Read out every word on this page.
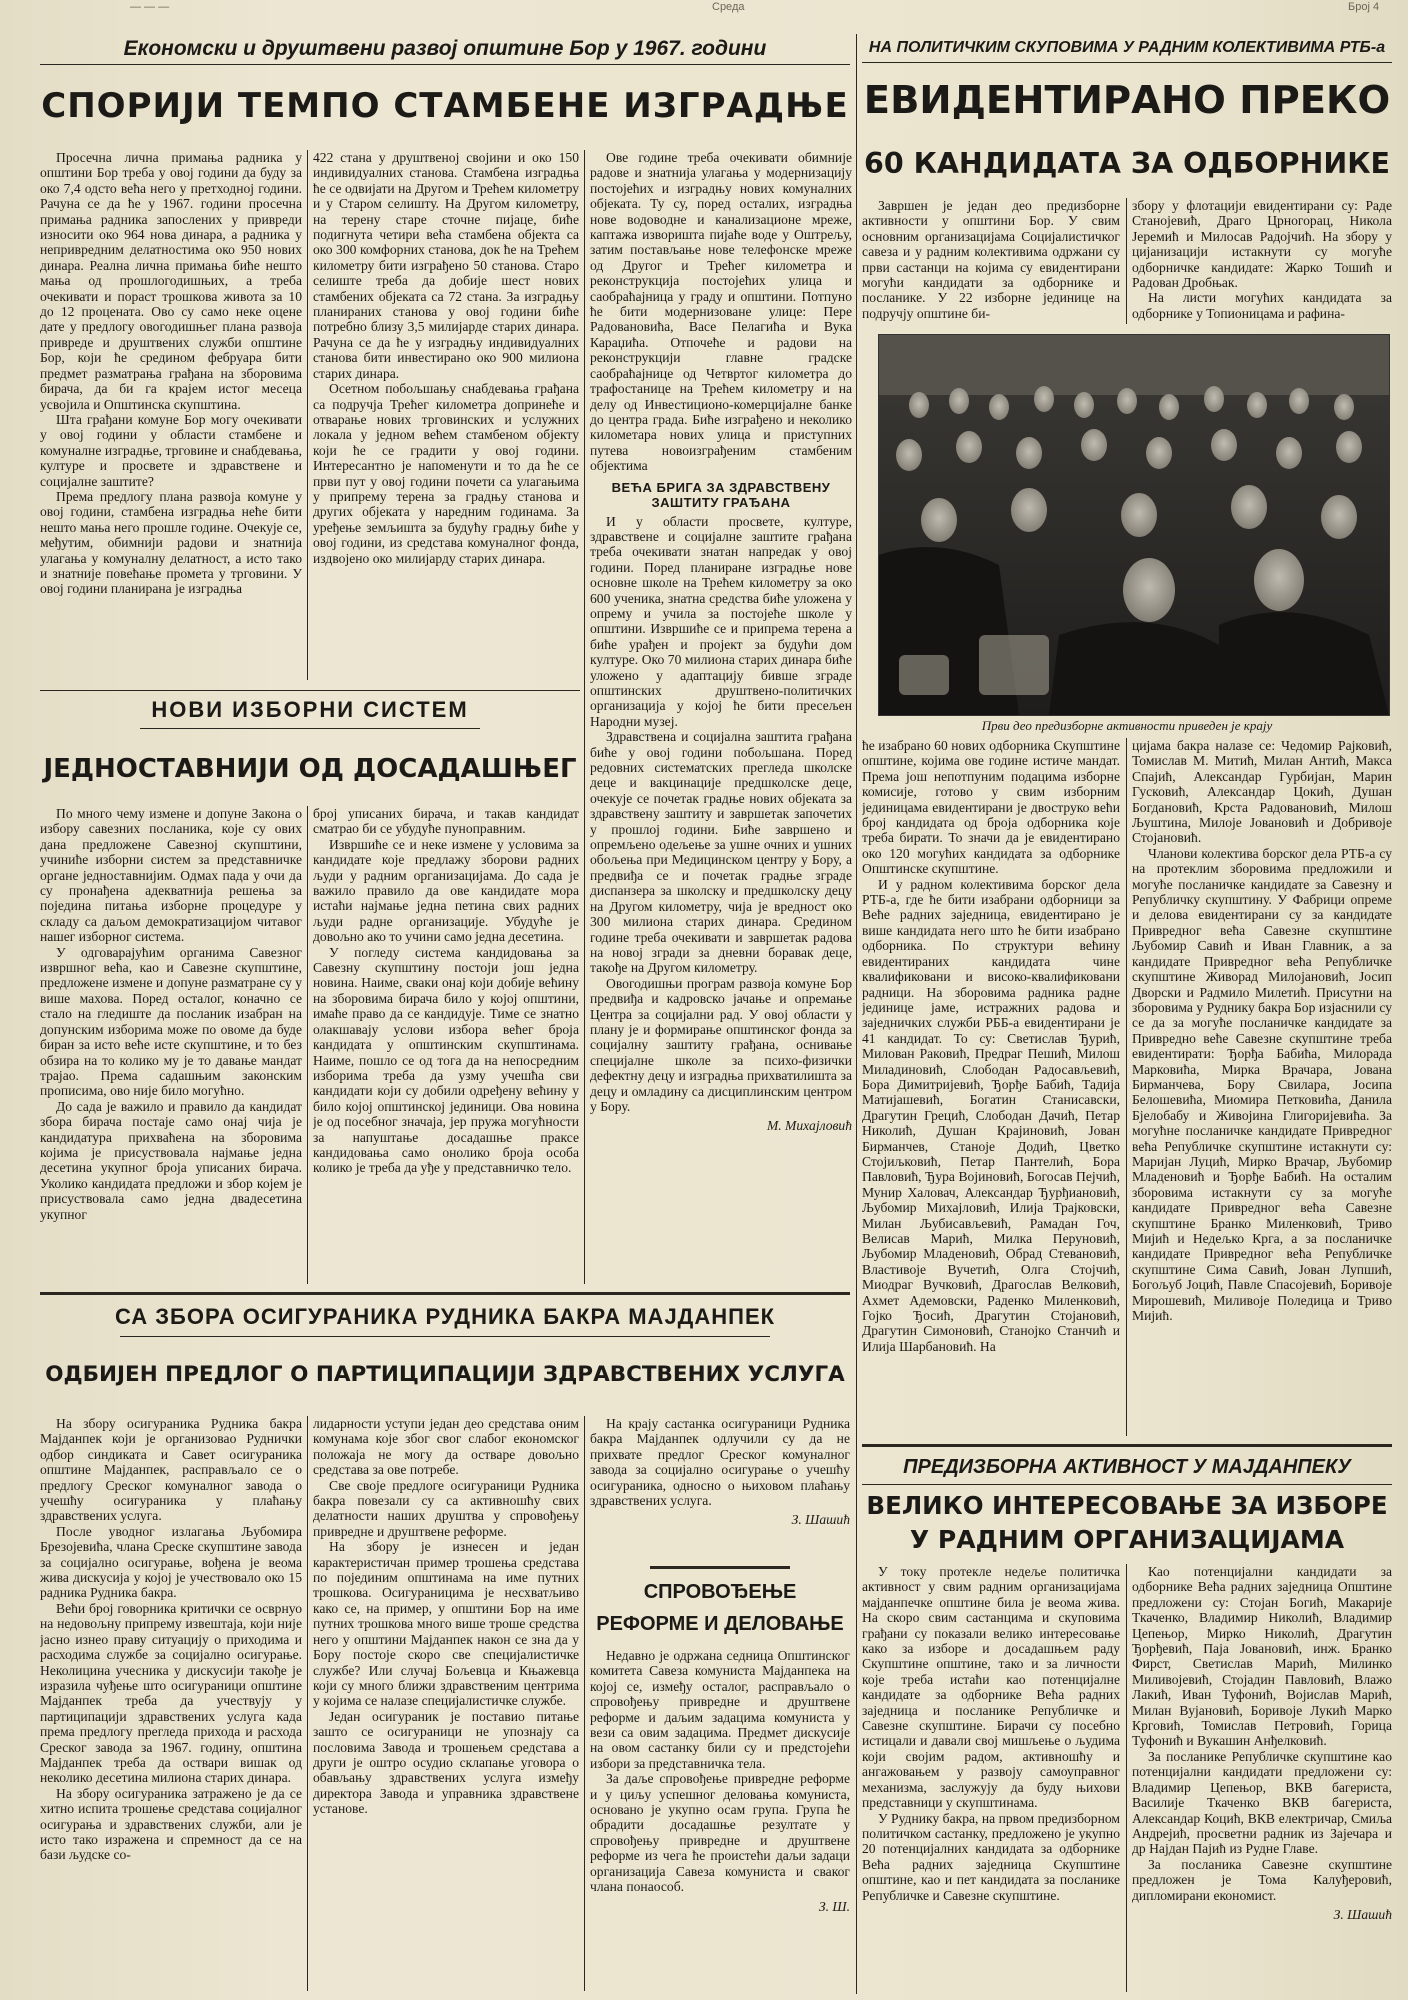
— — —	Среда	Број 4
Економски и друштвени развој општине Бор у 1967. години
СПОРИЈИ ТЕМПО СТАМБЕНЕ ИЗГРАДЊЕ

Просечна лична примања радника у општини Бор треба у овој години да буду за око 7,4 одсто већа него у претходној години. Рачуна се да ће у 1967. години просечна примања радника запослених у привреди износити око 964 нова динара, а радника у непривредним делатностима око 950 нових динара. Реална лична примања биће нешто мања од прошлогодишњих, а треба очекивати и пораст трошкова живота за 10 до 12 процената. Ово су само неке оцене дате у предлогу овогодишњег плана развоја привреде и друштвених служби општине Бор, који ће средином фебруара бити предмет разматрања грађана на зборовима бирача, да би га крајем истог месеца усвојила и Општинска скупштина.

Шта грађани комуне Бор могу очекивати у овој години у области стамбене и комуналне изградње, трговине и снабдевања, културе и просвете и здравствене и социјалне заштите?

Према предлогу плана развоја комуне у овој години, стамбена изградња неће бити нешто мања него прошле године. Очекује се, међутим, обимнији радови и знатнија улагања у комуналну делатност, а исто тако и знатније повећање промета у трговини. У овој години планирана је изградња

422 стана у друштвеној својини и око 150 индивидуалних станова. Стамбена изградња ће се одвијати на Другом и Трећем километру и у Старом селишту. На Другом километру, на терену старе сточне пијаце, биће подигнута четири већа стамбена објекта са око 300 комфорних станова, док ће на Трећем километру бити изграђено 50 станова. Старо селиште треба да добије шест нових стамбених објеката са 72 стана. За изградњу планираних станова у овој години биће потребно близу 3,5 милијарде старих динара. Рачуна се да ће у изградњу индивидуалних станова бити инвестирано око 900 милиона старих динара.

Осетном побољшању снабдевања грађана са подручја Трећег километра допринеће и отварање нових трговинских и услужних локала у једном већем стамбеном објекту који ће се градити у овој години. Интересантно је напоменути и то да ће се први пут у овој години почети са улагањима у припрему терена за градњу станова и других објеката у наредним годинама. За уређење земљишта за будућу градњу биће у овој години, из средстава комуналног фонда, издвојено око милијарду старих динара.

Ове године треба очекивати обимније радове и знатнија улагања у модернизацију постојећих и изградњу нових комуналних објеката. Ту су, поред осталих, изградња нове водоводне и канализационе мреже, каптажа изворишта пијаће воде у Оштрељу, затим постављање нове телефонске мреже од Другог и Трећег километра и реконструкција постојећих улица и саобраћајница у граду и општини. Потпуно ће бити модернизоване улице: Пере Радовановића, Васе Пелагића и Вука Караџића. Отпочеће и радови на реконструкцији главне градске саобраћајнице од Четвртог километра до трафостанице на Трећем километру и на делу од Инвестиционо-комерцијалне банке до центра града. Биће изграђено и неколико километара нових улица и приступних путева новоизграђеним стамбеним објектима

ВЕЋА БРИГА ЗА ЗДРАВСТВЕНУ ЗАШТИТУ ГРАЂАНА

И у области просвете, културе, здравствене и социјалне заштите грађана треба очекивати знатан напредак у овој години. Поред планиране изградње нове основне школе на Трећем километру за око 600 ученика, знатна средства биће уложена у опрему и учила за постојеће школе у општини. Извршиће се и припрема терена а биће урађен и пројект за будући дом културе. Око 70 милиона старих динара биће уложено у адаптацију бивше зграде општинских друштвено-политичких организација у којој ће бити пресељен Народни музеј.

Здравствена и социјална заштита грађана биће у овој години побољшана. Поред редовних систематских прегледа школске деце и вакцинације предшколске деце, очекује се почетак градње нових објеката за здравствену заштиту и завршетак започетих у прошлој години. Биће завршено и опремљено одељење за ушне очних и ушних обољења при Медицинском центру у Бору, а предвиђа се и почетак градње зграде диспанзера за школску и предшколску децу на Другом километру, чија је вредност око 300 милиона старих динара. Средином године треба очекивати и завршетак радова на новој згради за дневни боравак деце, такође на Другом километру.

Овогодишњи програм развоја комуне Бор предвиђа и кадровско јачање и опремање Центра за социјални рад. У овој области у плану је и формирање општинског фонда за социјалну заштиту грађана, оснивање специјалне школе за психо-физички дефектну децу и изградња прихватилишта за децу и омладину са дисциплинским центром у Бору.

М. Михајловић

НОВИ ИЗБОРНИ СИСТЕМ
ЈЕДНОСТАВНИЈИ ОД ДОСАДАШЊЕГ

По много чему измене и допуне Закона о избору савезних посланика, које су ових дана предложене Савезној скупштини, учиниће изборни систем за представничке органе једноставнијим. Одмах пада у очи да су пронађена адекватнија решења за поједина питања изборне процедуре у складу са даљом демократизацијом читавог нашег изборног система.

У одговарајућим органима Савезног извршног већа, као и Савезне скупштине, предложене измене и допуне разматране су у више махова. Поред осталог, коначно се стало на гледиште да посланик изабран на допунским изборима може по овоме да буде биран за исто веће исте скупштине, и то без обзира на то колико му је то давање мандат трајао. Према садашњим законским прописима, ово није било могућно.

До сада је важило и правило да кандидат зборa бирача постаје само онај чија је кандидатура прихваћена на зборовима којима је присуствовала најмање једна десетина укупног броја уписаних бирача. Уколико кандидата предложи и збор којем је присуствовала само једна двадесетина укупног

броj уписаних бирача, и такав кандидат сматрао би се убудуће пуноправним.

Извршиће се и неке измене у условима за кандидате које предлажу зборови радних људи у радним организацијама. До сада је важило правило да ове кандидате мора истаћи најмање једна петина свих радних људи радне организације. Убудуће је довољно ако то учини само једна десетина.

У погледу система кандидовања за Савезну скупштину постоји још једна новина. Наиме, сваки онај који добије већину на зборовима бирача било у којој општини, имаће право да се кандидује. Тиме се знатно олакшавају услови избора већег броја кандидата у општинским скупштинама. Наиме, пошло се од тога да на непосредним изборима треба да узму учешћа сви кандидати који су добили одређену већину у било којој општинској јединици. Ова новина је од посебног значаја, јер пружа могућности за напуштање досадашње праксе кандидовања само онолико броја особа колико је треба да уђе у представничко тело.

СА ЗБОРА ОСИГУРАНИКА РУДНИКА БАКРА МАЈДАНПЕК
ОДБИЈЕН ПРЕДЛОГ О ПАРТИЦИПАЦИЈИ ЗДРАВСТВЕНИХ УСЛУГА

На збору осигураника Рудника бакра Мајданпек који је организовао Руднички одбор синдиката и Савет осигураника општине Мајданпек, расправљало се о предлогу Среског комуналног завода о учешћу осигураника у плаћању здравствених услуга.

После уводног излагања Љубомира Брезојевића, члана Среске скупштине завода за социјално осигурање, вођена је веома жива дискусија у којој је учествовало око 15 радника Рудника бакра.

Већи број говорника критички се осврнуо на недовољну припрему извештаја, који није јасно изнео праву ситуацију о приходима и расходима службе за социјално осигурање. Неколицина учесника у дискусији такође је изразила чуђење што осигураници општине Мајданпек треба да учествују у партиципацији здравствених услуга када према предлогу прегледа прихода и расхода Среског завода за 1967. годину, општина Мајданпек треба да оствари вишак од неколико десетина милиона старих динара.

На збору осигураника затражено је да се хитно испита трошење средстава социјалног осигурања и здравствених служби, али је исто тако изражена и спремност да се на бази људске со-

лидарности уступи један део средстава оним комунама које због свог слабог економског положаја не могу да остваре довољно средстава за ове потребе.

Све своје предлоге осигураници Рудника бакра повезали су са активношћу свих делатности наших друштва у спровођењу привредне и друштвене реформе.

На збору је изнесен и један карактеристичан пример трошења средстава по појединим општинама на име путних трошкова. Осигураницима је несхватљиво како се, на пример, у општини Бор на име путних трошкова много више троше средства него у општини Мајданпек након се зна да у Бору постоје скоро све специјалистичке службе? Или случај Бољевца и Књажевца који су много ближи здравственим центрима у којима се налазе специјалистичке службе.

Један осигураник је поставио питање зашто се осигураници не упознају са пословима Завода и трошењем средстава а други је оштро осудио склапање уговора о обављању здравствених услуга између директора Завода и управника здравствене установе.

На крају састанка осигураници Рудника бакра Мајданпек одлучили су да не прихвате предлог Среског комуналног завода за социјално осигурање о учешћу осигураника, односно о њиховом плаћању здравствених услуга.

З. Шашић

СПРОВОЂЕЊЕ РЕФОРМЕ И ДЕЛОВАЊЕ

Недавно је одржана седница Општинског комитета Савеза комуниста Мајданпека на којој се, између осталог, расправљало о спровођењу привредне и друштвене реформе и даљим задацима комуниста у вези са овим задацима. Предмет дискусије на овом састанку били су и предстојећи избори за представничка тела.

За даље спровођење привредне реформе и у циљу успешног деловања комуниста, основано је укупно осам група. Група ће обрадити досадашње резултате у спровођењу привредне и друштвене реформе из чега ће проистећи даљи задаци организација Савеза комуниста и сваког члана понаособ.

З. Ш.

НА ПОЛИТИЧКИМ СКУПОВИМА У РАДНИМ КОЛЕКТИВИМА РТБ-а
ЕВИДЕНТИРАНО ПРЕКО
60 КАНДИДАТА ЗА ОДБОРНИКЕ

Завршен је један део предизборне активности у општини Бор. У свим основним организацијама Социјалистичког савеза и у радним колективима одржани су први састанци на којима су евидентирани могући кандидати за одборнике и посланике. У 22 изборне јединице на подручју општине би-

збору у флотацији евидентирани су: Раде Станојевић, Драго Црногорац, Никола Јеремић и Милосав Радојчић. На збору у цијанизацији истакнути су могуће одборничке кандидате: Жарко Тошић и Радован Дробњак.

На листи могућих кандидата за одборнике у Топионицама и рафина-

Први део предизборне активности приведен је крају

ће изабрано 60 нових одборника Скупштине општине, којима ове године истиче мандат. Према још непотпуним подацима изборне комисије, готово у свим изборним јединицама евидентирани је двоструко већи број кандидата од броја одборника које треба бирати. То значи да је евидентирано око 120 могућих кандидата за одборнике Општинске скупштине.

И у радном колективима борског дела РТБ-а, где ће бити изабрани одборници за Веће радних заједница, евидентирано је више кандидата него што ће бити изабрано одборника. По структури већину евидентираних кандидата чине квалификовани и високо-квалификовани радници. На зборовима радника радне јединице јаме, истражних радова и заједничких служби РББ-а евидентирани је 41 кандидат. То су: Светислав Ђурић, Милован Раковић, Предраг Пешић, Милош Миладиновић, Слободан Радосављевић, Бора Димитријевић, Ђорђе Бабић, Тадија Матијашевић, Богатин Станисавски, Драгутин Грецић, Слободан Дачић, Петар Николић, Душан Крајиновић, Јован Бирманчев, Станоје Додић, Цветко Стојиљковић, Петар Пантелић, Бора Павловић, Ђура Војиновић, Богосав Пејчић, Мунир Халовач, Александар Ђурђиановић, Љубомир Михајловић, Илија Трајковски, Милан Љубисављевић, Рамадан Гоч, Велисав Марић, Милка Перуновић, Љубомир Младеновић, Обрад Стевановић, Властивоје Вучетић, Олга Стојчић, Миодраг Вучковић, Драгослав Велковић, Ахмет Адемовски, Раденко Миленковић, Гојко Ђосић, Драгутин Стојановић, Драгутин Симоновић, Станојко Станчић и Илија Шарбановић. На

цијама бакра налазе се: Чедомир Рајковић, Томислав М. Митић, Милан Антић, Макса Спајић, Александар Гурбијан, Марин Гусковић, Александар Цокић, Душан Богдановић, Крста Радовановић, Милош Љуштина, Милоје Јовановић и Добривоје Стојановић.

Чланови колектива борског дела РТБ-а су на протеклим зборовима предложили и могуће посланичке кандидате за Савезну и Републичку скупштину. У Фабрици опреме и делова евидентирани су за кандидате Привредног већа Савезне скупштине Љубомир Савић и Иван Главник, а за кандидате Привредног већа Републичке скупштине Живорад Милојановић, Јосип Дворски и Радмило Милетић. Присутни на зборовима у Руднику бакра Бор изјаснили су се да за могуће посланичке кандидате за Привредно веће Савезне скупштине треба евидентирати: Ђорђа Бабића, Милорада Марковића, Мирка Врачара, Јована Бирманчева, Бору Свилара, Јосипа Белошевића, Миомира Петковића, Данила Бјелобабу и Живојина Глигоријевића. За могућне посланичке кандидате Привредног већа Републичке скупштине истакнути су: Маријан Луцић, Мирко Врачар, Љубомир Младеновић и Ђорђе Бабић. На осталим зборовима истакнути су за могуће кандидате Привредног већа Савезне скупштине Бранко Миленковић, Триво Мијић и Недељко Крга, а за посланичке кандидате Привредног већа Републичке скупштине Сима Савић, Јован Лупшић, Богољуб Јоцић, Павле Спасојевић, Боривоје Мирошевић, Миливоје Поледица и Триво Мијић.

ПРЕДИЗБОРНА АКТИВНОСТ У МАЈДАНПЕКУ
ВЕЛИКО ИНТЕРЕСОВАЊЕ ЗА ИЗБОРЕ
У РАДНИМ ОРГАНИЗАЦИЈАМА

У току протекле недеље политичка активност у свим радним организацијама мајданпечке општине била је веома жива. На скоро свим састанцима и скуповима грађани су показали велико интересовање како за изборе и досадашњем раду Скупштине општине, тако и за личности које треба истаћи као потенцијалне кандидате за одборнике Већа радних заједница и посланике Републичке и Савезне скупштине. Бирачи су посебно истицали и давали свој мишљење о људима који својим радом, активношћу и ангажовањем у развоју самоуправног механизма, заслужују да буду њихови представници у скупштинама.

У Руднику бакра, на првом предизборном политичком састанку, предложено је укупно 20 потенцијалних кандидата за одборнике Већа радних заједница Скупштине општине, као и пет кандидата за посланике Републичке и Савезне скупштине.

Као потенцијални кандидати за одборнике Већа радних заједница Општине предложени су: Стојан Богић, Макарије Ткаченко, Владимир Николић, Владимир Цепењор, Мирко Николић, Драгутин Ђорђевић, Паја Јовановић, инж. Бранко Фирст, Светислав Марић, Милинко Миливојевић, Стојадин Павловић, Влажо Лакић, Иван Туфонић, Војислав Марић, Милан Вујановић, Боривоје Лукић Марко Крговић, Томислав Петровић, Горица Туфонић и Вукашин Анђелковић.

За посланике Републичке скупштине као потенцијални кандидати предложени су: Владимир Цепењор, ВКВ багериста, Василије Ткаченко ВКВ багериста, Александар Коцић, ВКВ електричар, Смиља Андрејић, просветни радник из Зајечара и др Најдан Пајић из Рудне Главе.

За посланика Савезне скупштине предложен је Тома Калуђеровић, дипломирани економист.

З. Шашић
